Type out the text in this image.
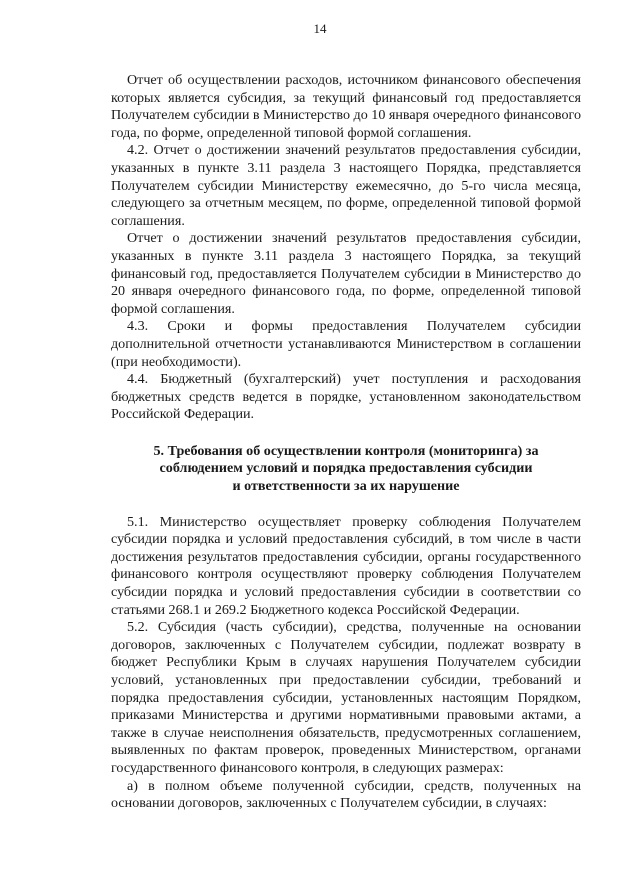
14

Отчет об осуществлении расходов, источником финансового обеспечения которых является субсидия, за текущий финансовый год предоставляется Получателем субсидии в Министерство до 10 января очередного финансового года, по форме, определенной типовой формой соглашения.

4.2. Отчет о достижении значений результатов предоставления субсидии, указанных в пункте 3.11 раздела 3 настоящего Порядка, представляется Получателем субсидии Министерству ежемесячно, до 5-го числа месяца, следующего за отчетным месяцем, по форме, определенной типовой формой соглашения.

Отчет о достижении значений результатов предоставления субсидии, указанных в пункте 3.11 раздела 3 настоящего Порядка, за текущий финансовый год, предоставляется Получателем субсидии в Министерство до 20 января очередного финансового года, по форме, определенной типовой формой соглашения.

4.3. Сроки и формы предоставления Получателем субсидии дополнительной отчетности устанавливаются Министерством в соглашении (при необходимости).

4.4. Бюджетный (бухгалтерский) учет поступления и расходования бюджетных средств ведется в порядке, установленном законодательством Российской Федерации.

5. Требования об осуществлении контроля (мониторинга) за
соблюдением условий и порядка предоставления субсидии
и ответственности за их нарушение

5.1. Министерство осуществляет проверку соблюдения Получателем субсидии порядка и условий предоставления субсидий, в том числе в части достижения результатов предоставления субсидии, органы государственного финансового контроля осуществляют проверку соблюдения Получателем субсидии порядка и условий предоставления субсидии в соответствии со статьями 268.1 и 269.2 Бюджетного кодекса Российской Федерации.

5.2. Субсидия (часть субсидии), средства, полученные на основании договоров, заключенных с Получателем субсидии, подлежат возврату в бюджет Республики Крым в случаях нарушения Получателем субсидии условий, установленных при предоставлении субсидии, требований и порядка предоставления субсидии, установленных настоящим Порядком, приказами Министерства и другими нормативными правовыми актами, а также в случае неисполнения обязательств, предусмотренных соглашением, выявленных по фактам проверок, проведенных Министерством, органами государственного финансового контроля, в следующих размерах:

а) в полном объеме полученной субсидии, средств, полученных на основании договоров, заключенных с Получателем субсидии, в случаях:
